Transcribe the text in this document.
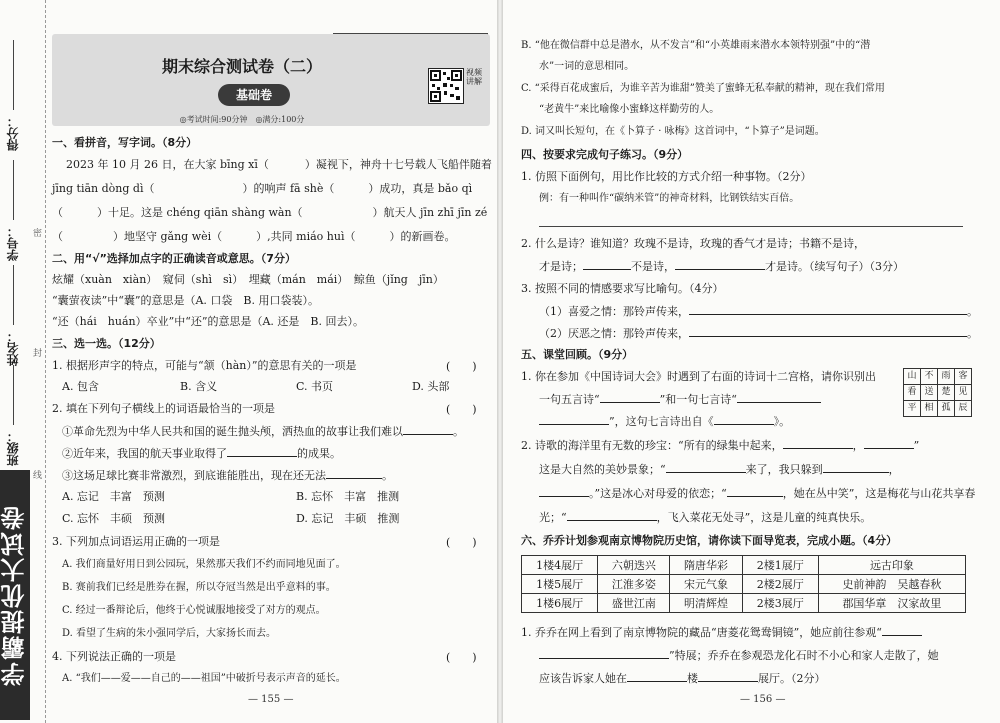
得分：
学号：
姓名：
班级：
密
封
线
学霸提优大试卷
期末综合测试卷（二）
基础卷
◎考试时间:90分钟　◎满分:100分
视频讲解
一、看拼音，写字词。（8分）
2023 年 10 月 26 日，在大家 bīng xī（	）凝视下，神舟十七号载人飞船伴随着
jīng tiān dòng dì（	）的响声 fā shè（	）成功，真是 bǎo qì
（	）十足。这是 chéng qiān shàng wàn（	）航天人 jīn zhī jīn zé
（	）地坚守 gǎng wèi（	）,共同 miáo huì（	）的新画卷。
二、用“√”选择加点字的正确读音或意思。（7分）
炫耀（xuàn　xiàn）　窥伺（shì　sì）　埋藏（mán　mái）　鲸鱼（jǐng　jīn）
“囊萤夜读”中“囊”的意思是（A. 口袋　B. 用口袋装）。
“还（hái　huán）卒业”中“还”的意思是（A. 还是　B. 回去）。
三、选一选。（12分）
1. 根据形声字的特点，可能与“颔（hàn）”的意思有关的一项是	(　　)
A. 包含	B. 含义	C. 书页	D. 头部
2. 填在下列句子横线上的词语最恰当的一项是	(　　)
①革命先烈为中华人民共和国的诞生抛头颅，洒热血的故事让我们难以	。
②近年来，我国的航天事业取得了	的成果。
③这场足球比赛非常激烈，到底谁能胜出，现在还无法	。
A. 忘记　丰富　预测	B. 忘怀　丰富　推测
C. 忘怀　丰硕　预测	D. 忘记　丰硕　推测
3. 下列加点词语运用正确的一项是	(　　)
A. 我们商量好用日到公园玩，果然那天我们不约而同地见面了。
B. 赛前我们已经是胜券在握，所以夺冠当然是出乎意料的事。
C. 经过一番辩论后，他终于心悦诚服地接受了对方的观点。
D. 看望了生病的朱小强同学后，大家扬长而去。
4. 下列说法正确的一项是	(　　)
A. “我们——爱——自己的——祖国”中破折号表示声音的延长。
— 155 —
B. “他在微信群中总是潜水，从不发言”和“小英雄雨来潜水本领特别强”中的“潜
水”一词的意思相同。
C. “采得百花成蜜后，为谁辛苦为谁甜”赞美了蜜蜂无私奉献的精神，现在我们常用
“老黄牛”来比喻像小蜜蜂这样勤劳的人。
D. 词又叫长短句，在《卜算子 · 咏梅》这首词中，“卜算子”是词题。
四、按要求完成句子练习。（9分）
1. 仿照下面例句，用比作比较的方式介绍一种事物。（2分）
例：有一种叫作“碳纳米管”的神奇材料，比钢铁结实百倍。
2. 什么是诗？谁知道？玫瑰不是诗，玫瑰的香气才是诗；书籍不是诗，
才是诗；	不是诗，	才是诗。（续写句子）（3分）
3. 按照不同的情感要求写比喻句。（4分）
（1）喜爱之情：那铃声传来，	。
（2）厌恶之情：那铃声传来，	。
五、课堂回顾。（9分）
1. 你在参加《中国诗词大会》时遇到了右面的诗词十二宫格，请你识别出
一句五言诗“	”和一句七言诗“
”，这句七言诗出自《	》。
山	不	雨	客
看	送	楚	见
平	相	孤	辰
2. 诗歌的海洋里有无数的珍宝：“所有的绿集中起来，	，	”
这是大自然的美妙景象；“	来了，我只躲到	，
。”这是冰心对母爱的依恋；“	，她在丛中笑”，这是梅花与山花共享春
光；“	，飞入菜花无处寻”，这是儿童的纯真快乐。
六、乔乔计划参观南京博物院历史馆，请你读下面导览表，完成小题。（4分）
1楼4展厅	六朝迭兴	隋唐华彩	2楼1展厅	远古印象
1楼5展厅	江淮多姿	宋元气象	2楼2展厅	史前神韵　吴越春秋
1楼6展厅	盛世江南	明清辉煌	2楼3展厅	郡国华章　汉家故里
1. 乔乔在网上看到了南京博物院的藏品“唐菱花鸳鸯铜镜”，她应前往参观“
”特展；乔乔在参观恐龙化石时不小心和家人走散了，她
应该告诉家人她在	楼	展厅。（2分）
— 156 —
